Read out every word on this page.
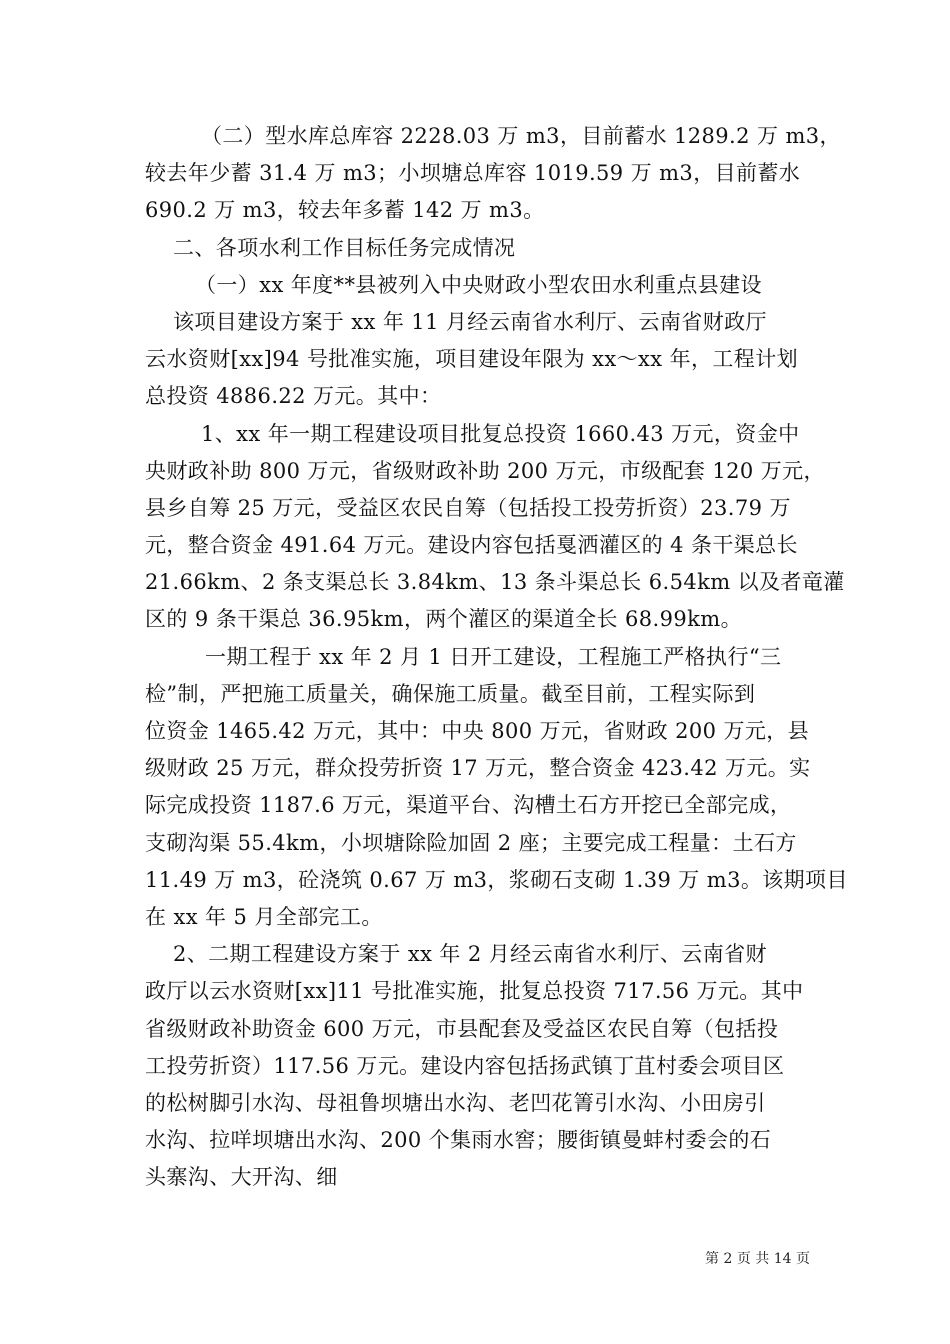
（二）型水库总库容 2228.03 万 m3，目前蓄水 1289.2 万 m3，
较去年少蓄 31.4 万 m3；小坝塘总库容 1019.59 万 m3，目前蓄水
690.2 万 m3，较去年多蓄 142 万 m3。
二、各项水利工作目标任务完成情况
（一）xx 年度**县被列入中央财政小型农田水利重点县建设
该项目建设方案于 xx 年 11 月经云南省水利厅、云南省财政厅
云水资财[xx]94 号批准实施，项目建设年限为 xx～xx 年，工程计划
总投资 4886.22 万元。其中：
1、xx 年一期工程建设项目批复总投资 1660.43 万元，资金中
央财政补助 800 万元，省级财政补助 200 万元，市级配套 120 万元，
县乡自筹 25 万元，受益区农民自筹（包括投工投劳折资）23.79 万
元，整合资金 491.64 万元。建设内容包括戛洒灌区的 4 条干渠总长
21.66km、2 条支渠总长 3.84km、13 条斗渠总长 6.54km 以及者竜灌
区的 9 条干渠总 36.95km，两个灌区的渠道全长 68.99km。
一期工程于 xx 年 2 月 1 日开工建设，工程施工严格执行“三
检”制，严把施工质量关，确保施工质量。截至目前，工程实际到
位资金 1465.42 万元，其中：中央 800 万元，省财政 200 万元，县
级财政 25 万元，群众投劳折资 17 万元，整合资金 423.42 万元。实
际完成投资 1187.6 万元，渠道平台、沟槽土石方开挖已全部完成，
支砌沟渠 55.4km，小坝塘除险加固 2 座；主要完成工程量：土石方
11.49 万 m3，砼浇筑 0.67 万 m3，浆砌石支砌 1.39 万 m3。该期项目
在 xx 年 5 月全部完工。
2、二期工程建设方案于 xx 年 2 月经云南省水利厅、云南省财
政厅以云水资财[xx]11 号批准实施，批复总投资 717.56 万元。其中
省级财政补助资金 600 万元，市县配套及受益区农民自筹（包括投
工投劳折资）117.56 万元。建设内容包括扬武镇丁苴村委会项目区
的松树脚引水沟、母祖鲁坝塘出水沟、老凹花箐引水沟、小田房引
水沟、拉咩坝塘出水沟、200 个集雨水窖；腰街镇曼蚌村委会的石
头寨沟、大开沟、细
第 2 页 共 14 页
